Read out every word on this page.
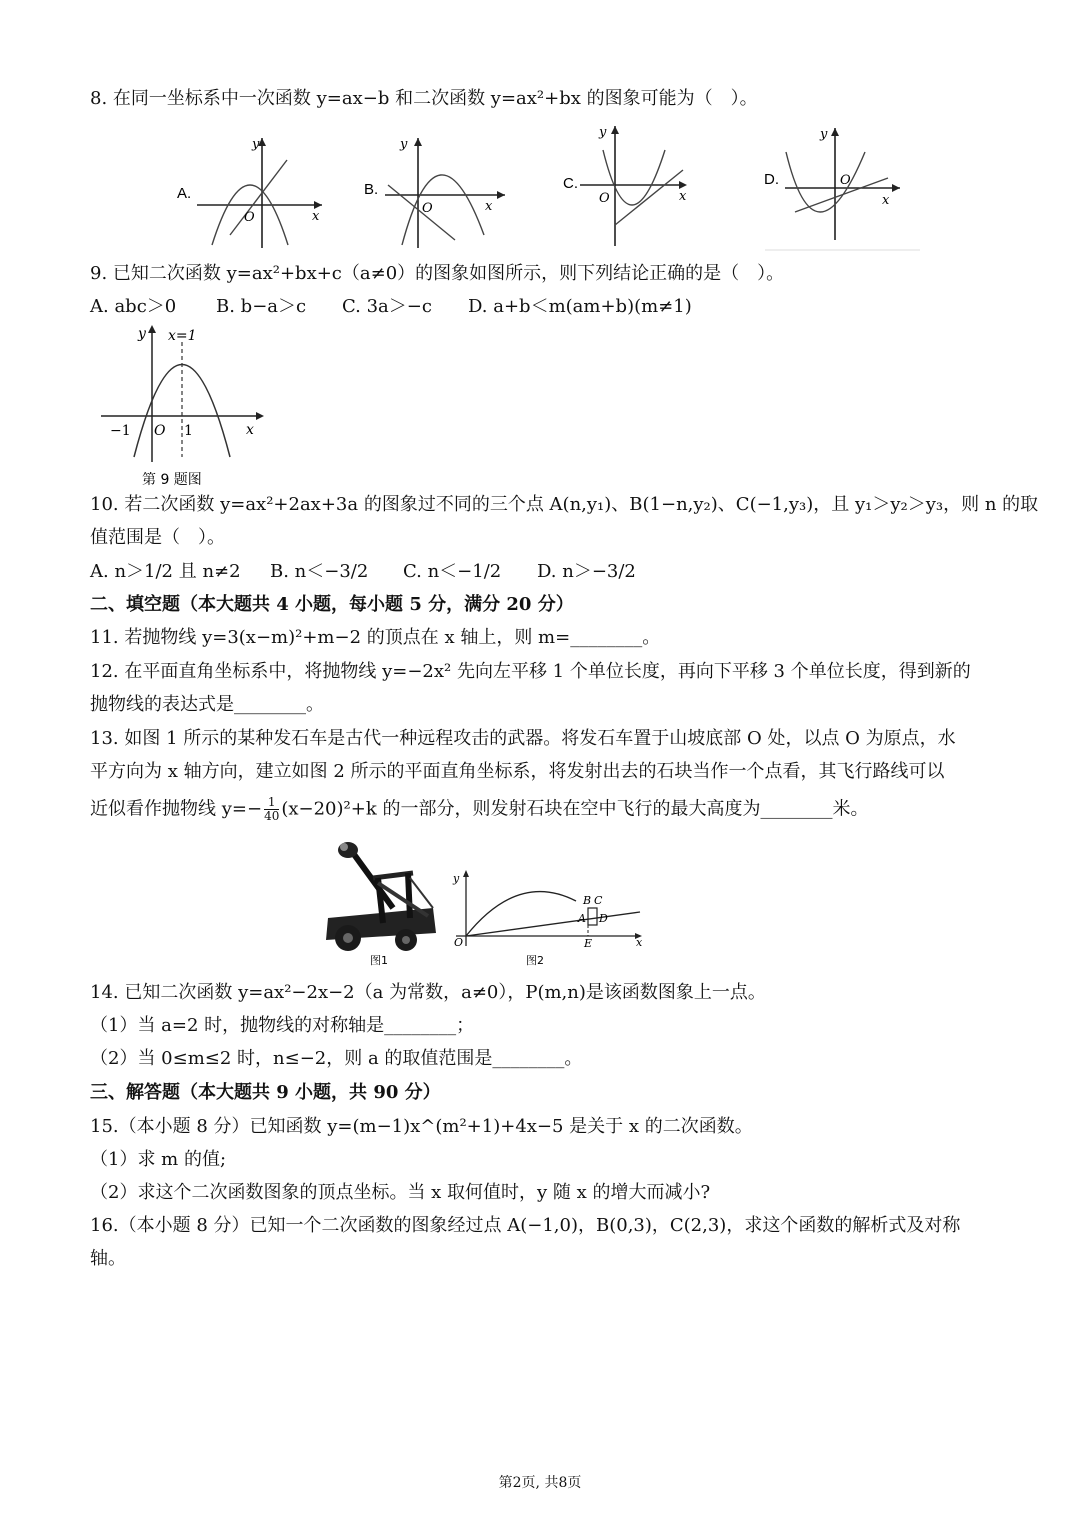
8. 在同一坐标系中一次函数 y=ax−b 和二次函数 y=ax²+bx 的图象可能为（　）。
A.
y
x
O
B.
y
x
O
C.
y
x
O
D.
y
x
O
9. 已知二次函数 y=ax²+bx+c（a≠0）的图象如图所示，则下列结论正确的是（　）。
A. abc＞0 B. b−a＞c C. 3a＞−c D. a+b＜m(am+b)(m≠1)
x=1
y
x
−1 O 1
第 9 题图
10. 若二次函数 y=ax²+2ax+3a 的图象过不同的三个点 A(n,y₁)、B(1−n,y₂)、C(−1,y₃)，且 y₁＞y₂＞y₃，则 n 的取
值范围是（　）。
A. n＞1/2 且 n≠2 B. n＜−3/2 C. n＜−1/2 D. n＞−3/2
二、填空题（本大题共 4 小题，每小题 5 分，满分 20 分）
11. 若抛物线 y=3(x−m)²+m−2 的顶点在 x 轴上，则 m=________。
12. 在平面直角坐标系中，将抛物线 y=−2x² 先向左平移 1 个单位长度，再向下平移 3 个单位长度，得到新的
抛物线的表达式是________。
13. 如图 1 所示的某种发石车是古代一种远程攻击的武器。将发石车置于山坡底部 O 处，以点 O 为原点，水
平方向为 x 轴方向，建立如图 2 所示的平面直角坐标系，将发射出去的石块当作一个点看，其飞行路线可以
近似看作抛物线 $y=- \frac{1}{40} (x-20)^2+k$ 的一部分，则发射石块在空中飞行的最大高度为________米。
图1
y
x
O
B C
A D
E
图2
14. 已知二次函数 y=ax²−2x−2（a 为常数，a≠0），P(m,n)是该函数图象上一点。
（1）当 a=2 时，抛物线的对称轴是________；
（2）当 0≤m≤2 时，n≤−2，则 a 的取值范围是________。
三、解答题（本大题共 9 小题，共 90 分）
15.（本小题 8 分）已知函数 y=(m−1)x^(m²+1)+4x−5 是关于 x 的二次函数。
（1）求 m 的值;
（2）求这个二次函数图象的顶点坐标。当 x 取何值时，y 随 x 的增大而减小?
16.（本小题 8 分）已知一个二次函数的图象经过点 A(−1,0)，B(0,3)，C(2,3)，求这个函数的解析式及对称
轴。
第2页, 共8页
